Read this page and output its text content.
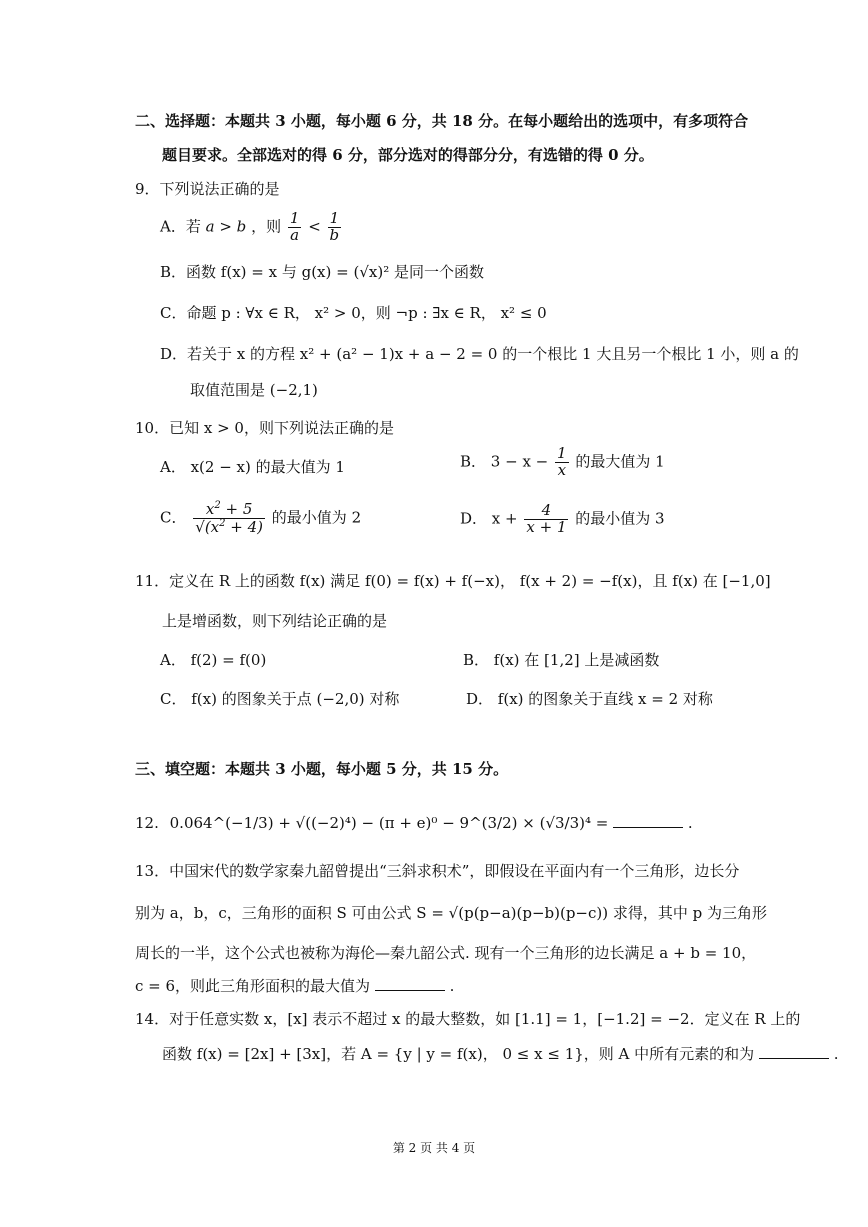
二、选择题：本题共 3 小题，每小题 6 分，共 18 分。在每小题给出的选项中，有多项符合
题目要求。全部选对的得 6 分，部分选对的得部分分，有选错的得 0 分。
9．下列说法正确的是
A．若 a > b ，则 $\frac{1}{a} < \frac{1}{b}$
B．函数 f(x) = x 与 g(x) = (√x)² 是同一个函数
C．命题 p : ∀x ∈ R， x² > 0，则 ¬p : ∃x ∈ R， x² ≤ 0
D．若关于 x 的方程 x² + (a² − 1)x + a − 2 = 0 的一个根比 1 大且另一个根比 1 小，则 a 的
取值范围是 (−2,1)
10．已知 x > 0，则下列说法正确的是
A． x(2 − x) 的最大值为 1	B． $3 - x - \frac{1}{x}$ 的最大值为 1
C． $\frac{x^2 + 5}{√(x^2 + 4)}$ 的最小值为 2	D． $x + \frac{4}{x + 1}$ 的最小值为 3
11．定义在 R 上的函数 f(x) 满足 f(0) = f(x) + f(−x)， f(x + 2) = −f(x)，且 f(x) 在 [−1,0]
上是增函数，则下列结论正确的是
A． f(2) = f(0)	B． f(x) 在 [1,2] 上是减函数
C． f(x) 的图象关于点 (−2,0) 对称	D． f(x) 的图象关于直线 x = 2 对称
三、填空题：本题共 3 小题，每小题 5 分，共 15 分。
12. 0.064^(−1/3) + √((−2)⁴) − (π + e)⁰ − 9^(3/2) × (√3/3)⁴ =	.
13．中国宋代的数学家秦九韶曾提出“三斜求积术”，即假设在平面内有一个三角形，边长分
别为 a，b，c，三角形的面积 S 可由公式 S = √(p(p−a)(p−b)(p−c)) 求得，其中 p 为三角形
周长的一半，这个公式也被称为海伦—秦九韶公式. 现有一个三角形的边长满足 a + b = 10，
c = 6，则此三角形面积的最大值为	.
14．对于任意实数 x，[x] 表示不超过 x 的最大整数，如 [1.1] = 1，[−1.2] = −2．定义在 R 上的
函数 f(x) = [2x] + [3x]，若 A = {y | y = f(x)， 0 ≤ x ≤ 1}，则 A 中所有元素的和为	.
第 2 页 共 4 页
